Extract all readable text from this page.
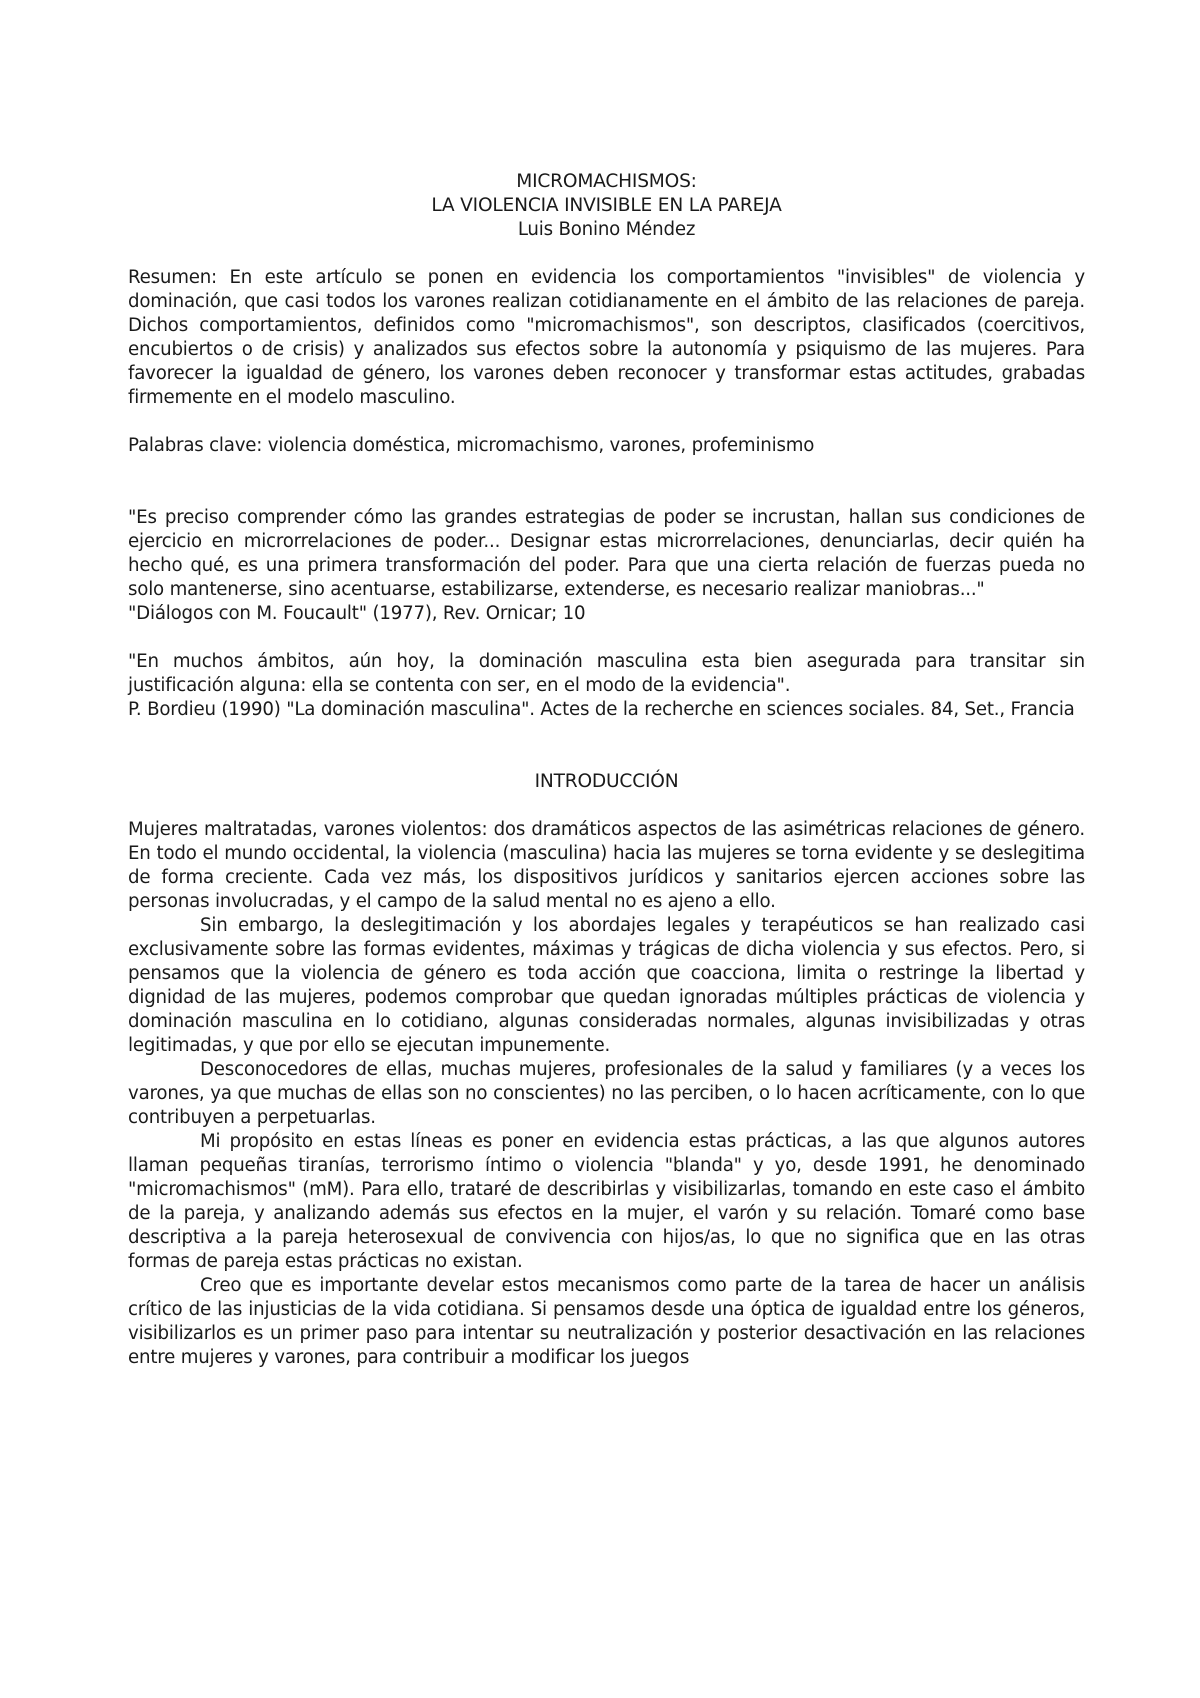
MICROMACHISMOS:
LA VIOLENCIA INVISIBLE EN LA PAREJA
Luis Bonino Méndez

Resumen: En este artículo se ponen en evidencia los comportamientos "invisibles" de violencia y dominación, que casi todos los varones realizan cotidianamente en el ámbito de las relaciones de pareja. Dichos comportamientos, definidos como "micromachismos", son descriptos, clasificados (coercitivos, encubiertos o de crisis) y analizados sus efectos sobre la autonomía y psiquismo de las mujeres. Para favorecer la igualdad de género, los varones deben reconocer y transformar estas actitudes, grabadas firmemente en el modelo masculino.

Palabras clave: violencia doméstica, micromachismo, varones, profeminismo

"Es preciso comprender cómo las grandes estrategias de poder se incrustan, hallan sus condiciones de ejercicio en microrrelaciones de poder... Designar estas microrrelaciones, denunciarlas, decir quién ha hecho qué, es una primera transformación del poder. Para que una cierta relación de fuerzas pueda no solo mantenerse, sino acentuarse, estabilizarse, extenderse, es necesario realizar maniobras..."

"Diálogos con M. Foucault" (1977), Rev. Ornicar; 10

"En muchos ámbitos, aún hoy, la dominación masculina esta bien asegurada para transitar sin justificación alguna: ella se contenta con ser, en el modo de la evidencia".

P. Bordieu (1990) "La dominación masculina". Actes de la recherche en sciences sociales. 84, Set., Francia

INTRODUCCIÓN

Mujeres maltratadas, varones violentos: dos dramáticos aspectos de las asimétricas relaciones de género. En todo el mundo occidental, la violencia (masculina) hacia las mujeres se torna evidente y se deslegitima de forma creciente. Cada vez más, los dispositivos jurídicos y sanitarios ejercen acciones sobre las personas involucradas, y el campo de la salud mental no es ajeno a ello.

Sin embargo, la deslegitimación y los abordajes legales y terapéuticos se han realizado casi exclusivamente sobre las formas evidentes, máximas y trágicas de dicha violencia y sus efectos. Pero, si pensamos que la violencia de género es toda acción que coacciona, limita o restringe la libertad y dignidad de las mujeres, podemos comprobar que quedan ignoradas múltiples prácticas de violencia y dominación masculina en lo cotidiano, algunas consideradas normales, algunas invisibilizadas y otras legitimadas, y que por ello se ejecutan impunemente.

Desconocedores de ellas, muchas mujeres, profesionales de la salud y familiares (y a veces los varones, ya que muchas de ellas son no conscientes) no las perciben, o lo hacen acríticamente, con lo que contribuyen a perpetuarlas.

Mi propósito en estas líneas es poner en evidencia estas prácticas, a las que algunos autores llaman pequeñas tiranías, terrorismo íntimo o violencia "blanda" y yo, desde 1991, he denominado "micromachismos" (mM). Para ello, trataré de describirlas y visibilizarlas, tomando en este caso el ámbito de la pareja, y analizando además sus efectos en la mujer, el varón y su relación. Tomaré como base descriptiva a la pareja heterosexual de convivencia con hijos/as, lo que no significa que en las otras formas de pareja estas prácticas no existan.

Creo que es importante develar estos mecanismos como parte de la tarea de hacer un análisis crítico de las injusticias de la vida cotidiana. Si pensamos desde una óptica de igualdad entre los géneros, visibilizarlos es un primer paso para intentar su neutralización y posterior desactivación en las relaciones entre mujeres y varones, para contribuir a modificar los juegos
